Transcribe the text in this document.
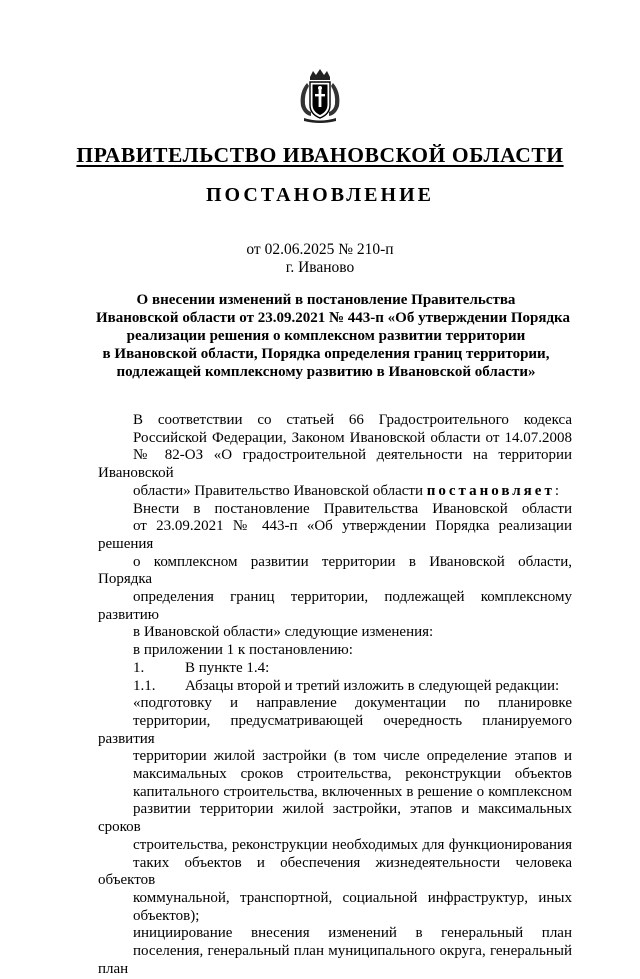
ПРАВИТЕЛЬСТВО ИВАНОВСКОЙ ОБЛАСТИ
ПОСТАНОВЛЕНИЕ
от 02.06.2025 № 210-п
г. Иваново
О внесении изменений в постановление Правительства
Ивановской области от 23.09.2021 № 443-п «Об утверждении Порядка
реализации решения о комплексном развитии территории
в Ивановской области, Порядка определения границ территории,
подлежащей комплексному развитию в Ивановской области»

В соответствии со статьей 66 Градостроительного кодекса
Российской Федерации, Законом Ивановской области от 14.07.2008
№ 82-ОЗ «О градостроительной деятельности на территории Ивановской
области» Правительство Ивановской области постановляет:

Внести в постановление Правительства Ивановской области
от 23.09.2021 № 443-п «Об утверждении Порядка реализации решения
о комплексном развитии территории в Ивановской области, Порядка
определения границ территории, подлежащей комплексному развитию
в Ивановской области» следующие изменения:

в приложении 1 к постановлению:

1.	В пункте 1.4:

1.1. Абзацы второй и третий изложить в следующей редакции:

«подготовку и направление документации по планировке
территории, предусматривающей очередность планируемого развития
территории жилой застройки (в том числе определение этапов и
максимальных сроков строительства, реконструкции объектов
капитального строительства, включенных в решение о комплексном
развитии территории жилой застройки, этапов и максимальных сроков
строительства, реконструкции необходимых для функционирования
таких объектов и обеспечения жизнедеятельности человека объектов
коммунальной, транспортной, социальной инфраструктур, иных
объектов);

инициирование внесения изменений в генеральный план
поселения, генеральный план муниципального округа, генеральный план
